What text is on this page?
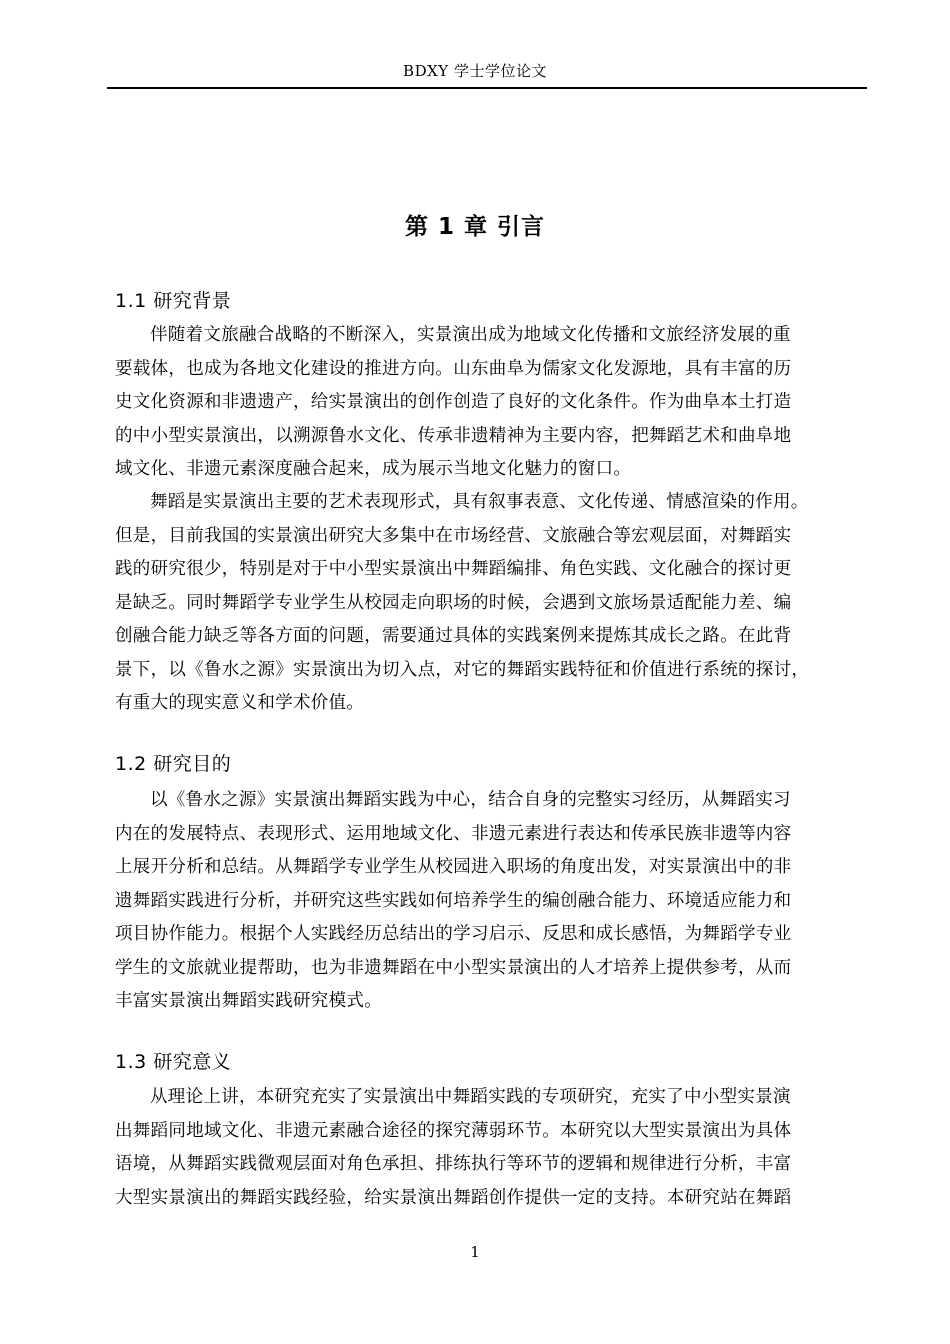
BDXY 学士学位论文
第 1 章 引言
1.1 研究背景
伴随着文旅融合战略的不断深入，实景演出成为地域文化传播和文旅经济发展的重
要载体，也成为各地文化建设的推进方向。山东曲阜为儒家文化发源地，具有丰富的历
史文化资源和非遗遗产，给实景演出的创作创造了良好的文化条件。作为曲阜本土打造
的中小型实景演出，以溯源鲁水文化、传承非遗精神为主要内容，把舞蹈艺术和曲阜地
域文化、非遗元素深度融合起来，成为展示当地文化魅力的窗口。
舞蹈是实景演出主要的艺术表现形式，具有叙事表意、文化传递、情感渲染的作用。
但是，目前我国的实景演出研究大多集中在市场经营、文旅融合等宏观层面，对舞蹈实
践的研究很少，特别是对于中小型实景演出中舞蹈编排、角色实践、文化融合的探讨更
是缺乏。同时舞蹈学专业学生从校园走向职场的时候，会遇到文旅场景适配能力差、编
创融合能力缺乏等各方面的问题，需要通过具体的实践案例来提炼其成长之路。在此背
景下，以《鲁水之源》实景演出为切入点，对它的舞蹈实践特征和价值进行系统的探讨，
有重大的现实意义和学术价值。
1.2 研究目的
以《鲁水之源》实景演出舞蹈实践为中心，结合自身的完整实习经历，从舞蹈实习
内在的发展特点、表现形式、运用地域文化、非遗元素进行表达和传承民族非遗等内容
上展开分析和总结。从舞蹈学专业学生从校园进入职场的角度出发，对实景演出中的非
遗舞蹈实践进行分析，并研究这些实践如何培养学生的编创融合能力、环境适应能力和
项目协作能力。根据个人实践经历总结出的学习启示、反思和成长感悟，为舞蹈学专业
学生的文旅就业提帮助，也为非遗舞蹈在中小型实景演出的人才培养上提供参考，从而
丰富实景演出舞蹈实践研究模式。
1.3 研究意义
从理论上讲，本研究充实了实景演出中舞蹈实践的专项研究，充实了中小型实景演
出舞蹈同地域文化、非遗元素融合途径的探究薄弱环节。本研究以大型实景演出为具体
语境，从舞蹈实践微观层面对角色承担、排练执行等环节的逻辑和规律进行分析，丰富
大型实景演出的舞蹈实践经验，给实景演出舞蹈创作提供一定的支持。本研究站在舞蹈
1
